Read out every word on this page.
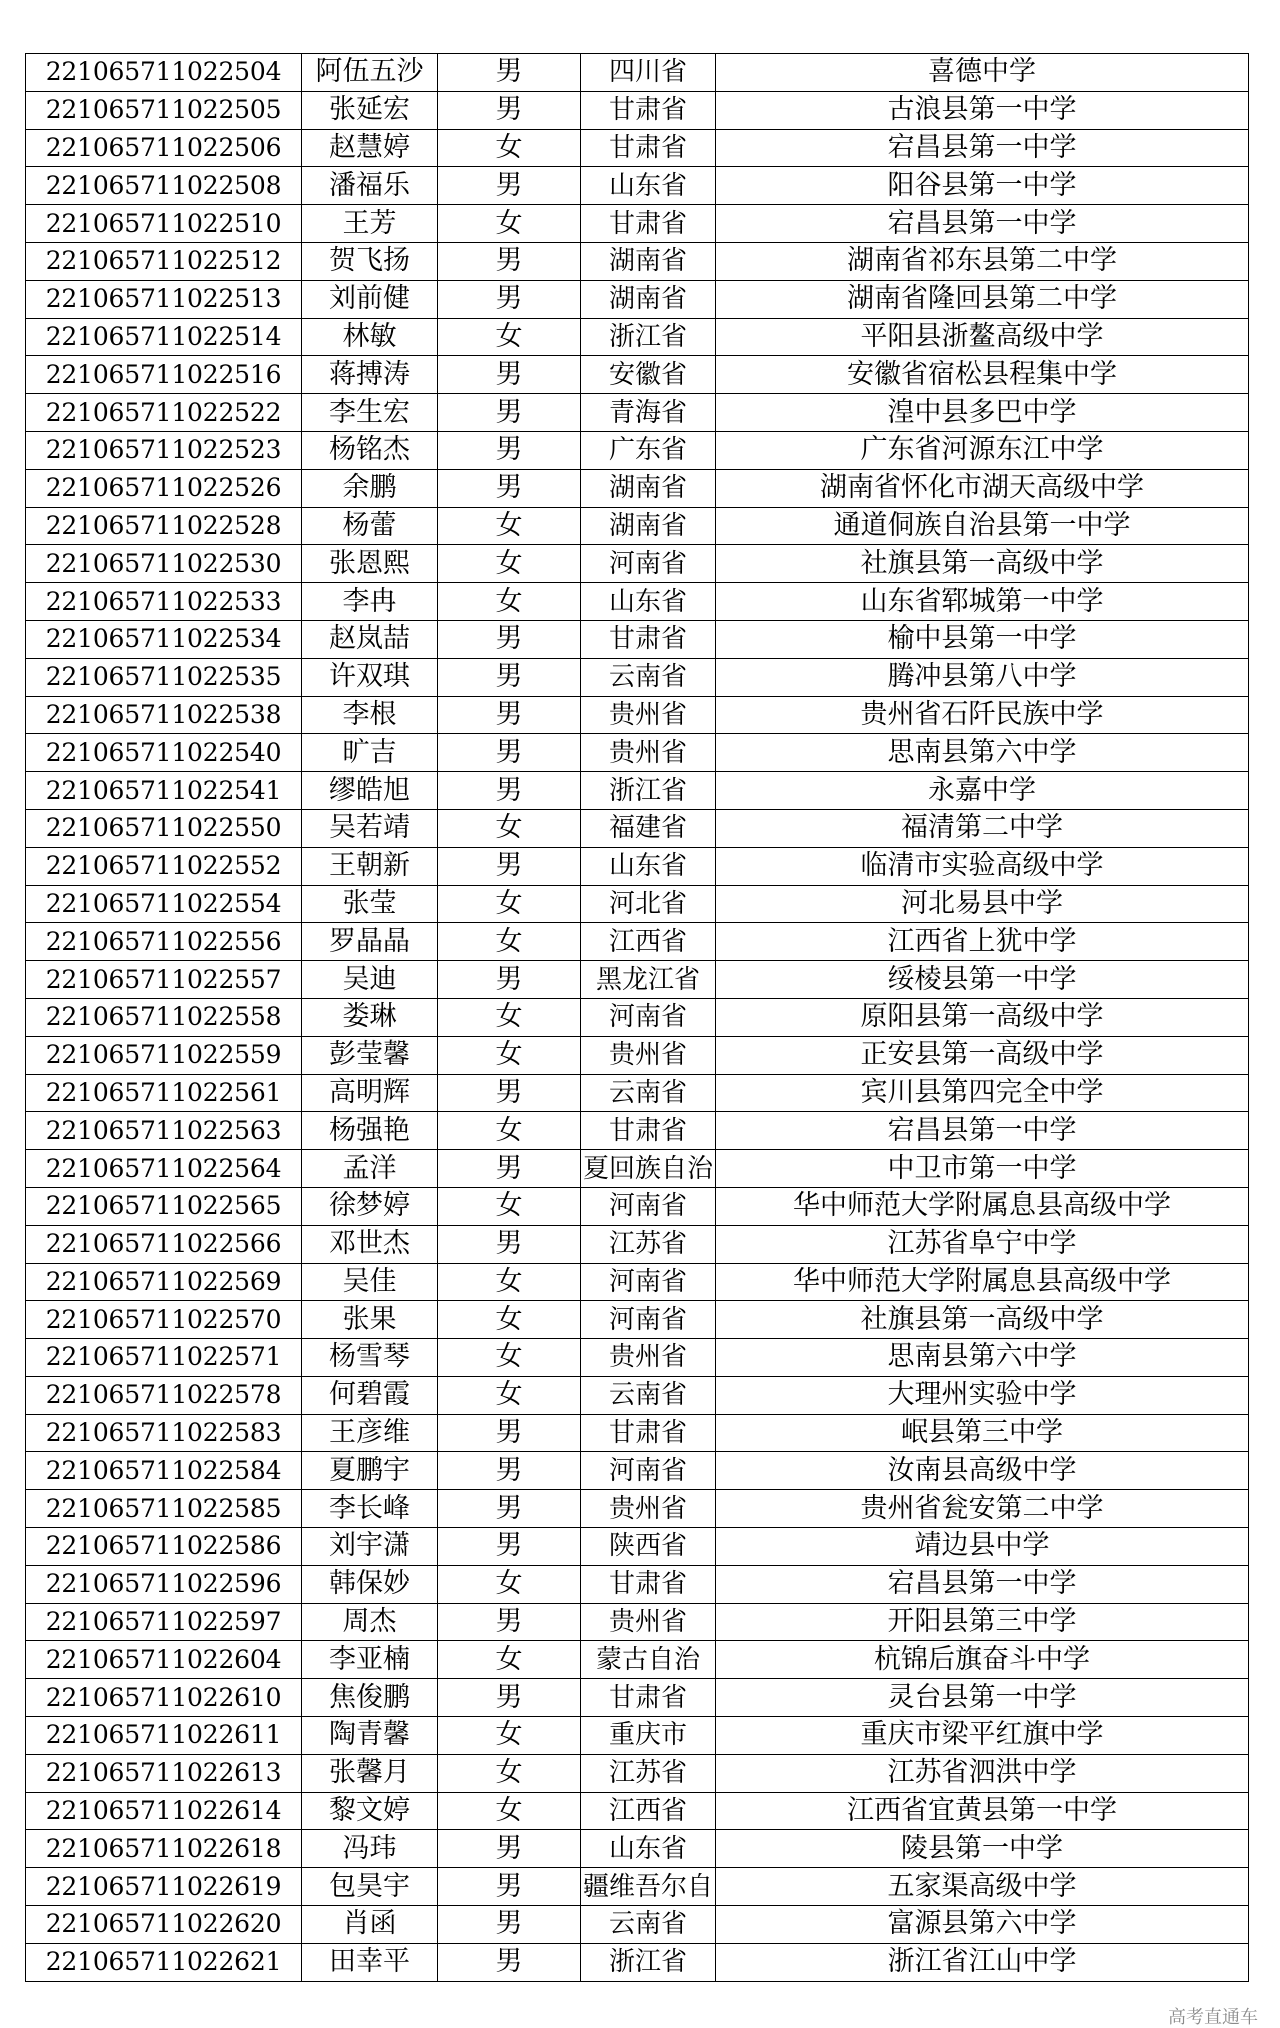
221065711022504	阿伍五沙	男	四川省	喜德中学
221065711022505	张延宏	男	甘肃省	古浪县第一中学
221065711022506	赵慧婷	女	甘肃省	宕昌县第一中学
221065711022508	潘福乐	男	山东省	阳谷县第一中学
221065711022510	王芳	女	甘肃省	宕昌县第一中学
221065711022512	贺飞扬	男	湖南省	湖南省祁东县第二中学
221065711022513	刘前健	男	湖南省	湖南省隆回县第二中学
221065711022514	林敏	女	浙江省	平阳县浙鳌高级中学
221065711022516	蒋搏涛	男	安徽省	安徽省宿松县程集中学
221065711022522	李生宏	男	青海省	湟中县多巴中学
221065711022523	杨铭杰	男	广东省	广东省河源东江中学
221065711022526	余鹏	男	湖南省	湖南省怀化市湖天高级中学
221065711022528	杨蕾	女	湖南省	通道侗族自治县第一中学
221065711022530	张恩熙	女	河南省	社旗县第一高级中学
221065711022533	李冉	女	山东省	山东省郓城第一中学
221065711022534	赵岚喆	男	甘肃省	榆中县第一中学
221065711022535	许双琪	男	云南省	腾冲县第八中学
221065711022538	李根	男	贵州省	贵州省石阡民族中学
221065711022540	旷吉	男	贵州省	思南县第六中学
221065711022541	缪皓旭	男	浙江省	永嘉中学
221065711022550	吴若靖	女	福建省	福清第二中学
221065711022552	王朝新	男	山东省	临清市实验高级中学
221065711022554	张莹	女	河北省	河北易县中学
221065711022556	罗晶晶	女	江西省	江西省上犹中学
221065711022557	吴迪	男	黑龙江省	绥棱县第一中学
221065711022558	娄琳	女	河南省	原阳县第一高级中学
221065711022559	彭莹馨	女	贵州省	正安县第一高级中学
221065711022561	高明辉	男	云南省	宾川县第四完全中学
221065711022563	杨强艳	女	甘肃省	宕昌县第一中学
221065711022564	孟洋	男	夏回族自治	中卫市第一中学
221065711022565	徐梦婷	女	河南省	华中师范大学附属息县高级中学
221065711022566	邓世杰	男	江苏省	江苏省阜宁中学
221065711022569	吴佳	女	河南省	华中师范大学附属息县高级中学
221065711022570	张果	女	河南省	社旗县第一高级中学
221065711022571	杨雪琴	女	贵州省	思南县第六中学
221065711022578	何碧霞	女	云南省	大理州实验中学
221065711022583	王彦维	男	甘肃省	岷县第三中学
221065711022584	夏鹏宇	男	河南省	汝南县高级中学
221065711022585	李长峰	男	贵州省	贵州省瓮安第二中学
221065711022586	刘宇潇	男	陕西省	靖边县中学
221065711022596	韩保妙	女	甘肃省	宕昌县第一中学
221065711022597	周杰	男	贵州省	开阳县第三中学
221065711022604	李亚楠	女	蒙古自治	杭锦后旗奋斗中学
221065711022610	焦俊鹏	男	甘肃省	灵台县第一中学
221065711022611	陶青馨	女	重庆市	重庆市梁平红旗中学
221065711022613	张馨月	女	江苏省	江苏省泗洪中学
221065711022614	黎文婷	女	江西省	江西省宜黄县第一中学
221065711022618	冯玮	男	山东省	陵县第一中学
221065711022619	包昊宇	男	疆维吾尔自	五家渠高级中学
221065711022620	肖函	男	云南省	富源县第六中学
221065711022621	田幸平	男	浙江省	浙江省江山中学
高考直通车
